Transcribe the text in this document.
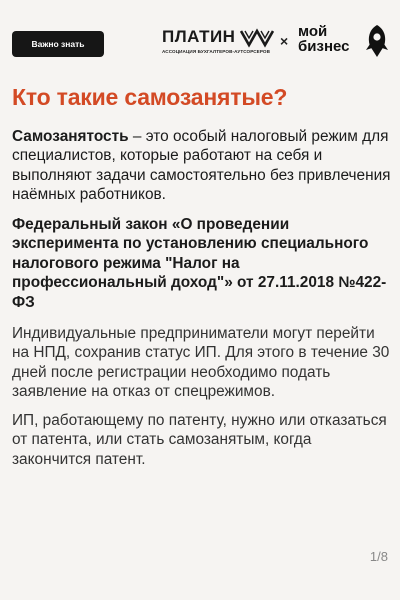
Важно знать	ПЛАТИН
АССОЦИАЦИЯ БУХГАЛТЕРОВ-АУТСОРСЕРОВ
×
мой
бизнес
Кто такие самозанятые?

Самозанятость – это особый налоговый режим для специалистов, которые работают на себя и выполняют задачи самостоятельно без привлечения наёмных работников.

Федеральный закон «О проведении эксперимента по установлению специального налогового режима "Налог на профессиональный доход"» от 27.11.2018 №422-ФЗ

Индивидуальные предприниматели могут перейти на НПД, сохранив статус ИП. Для этого в течение 30 дней после регистрации необходимо подать заявление на отказ от спецрежимов.

ИП, работающему по патенту, нужно или отказаться от патента, или стать самозанятым, когда закончится патент.

1/8
